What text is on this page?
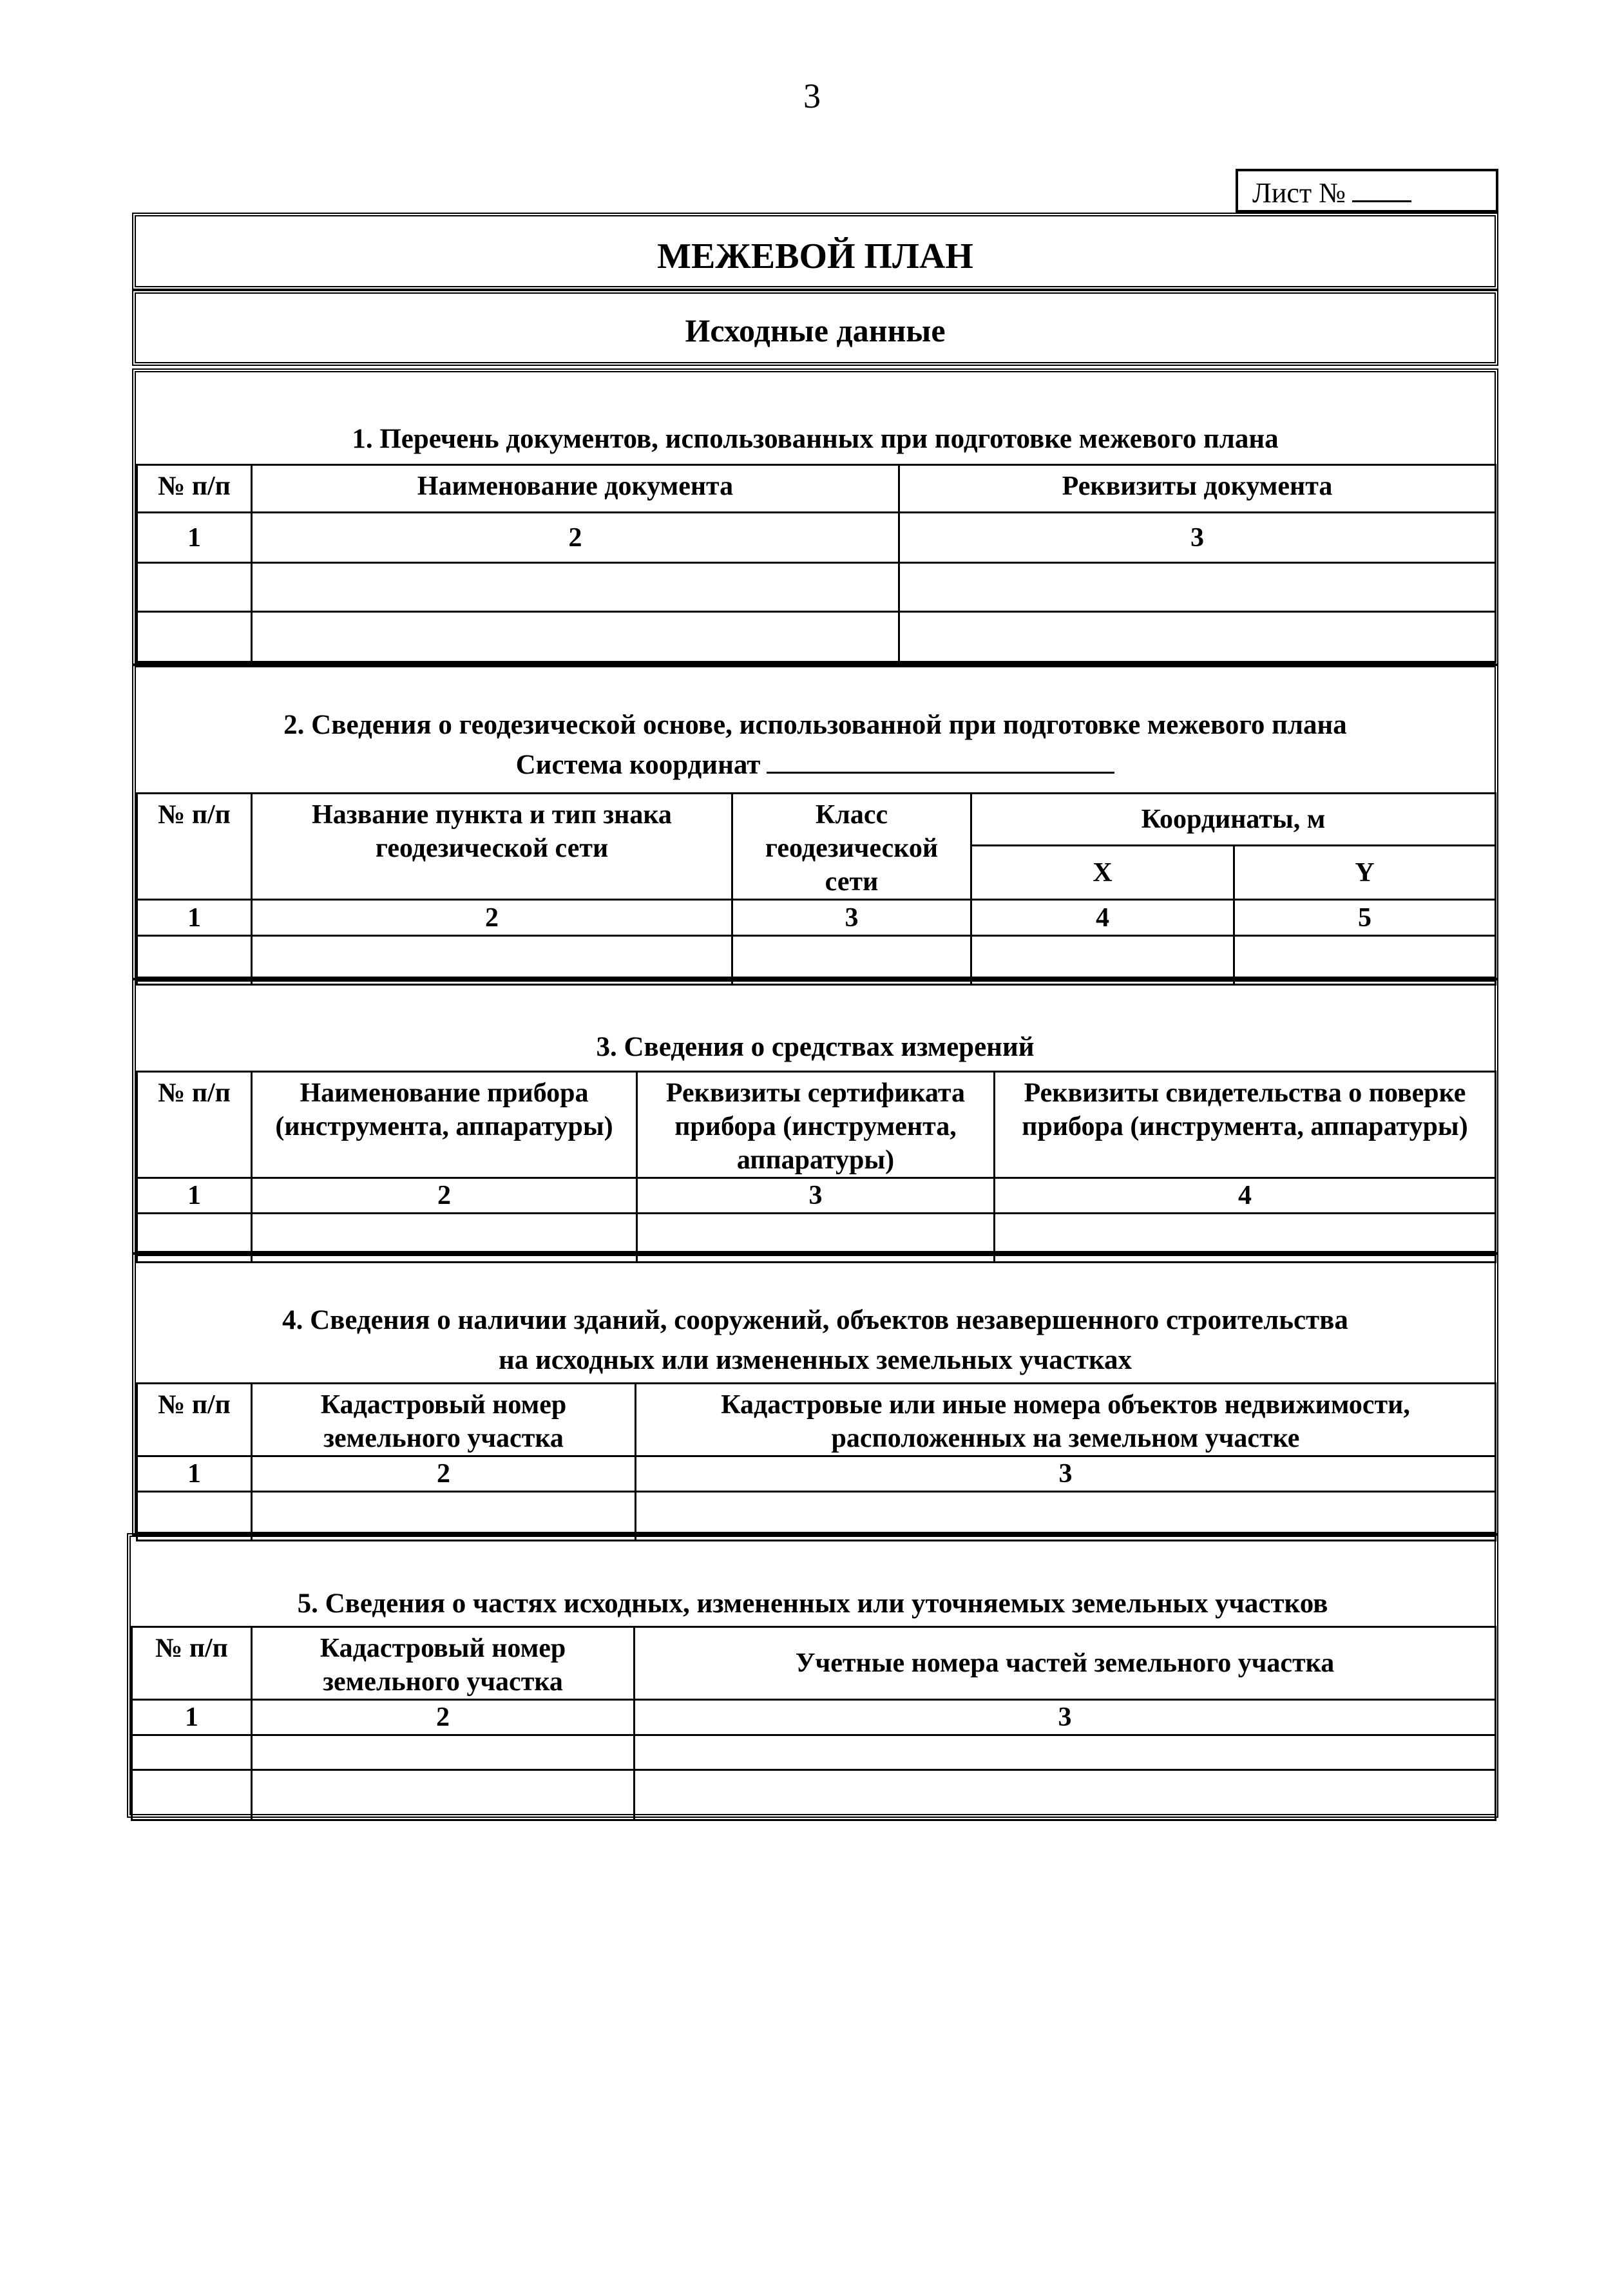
3
Лист №
МЕЖЕВОЙ ПЛАН
Исходные данные
1. Перечень документов, использованных при подготовке межевого плана
№ п/п	Наименование документа	Реквизиты документа
1	2	3

2. Сведения о геодезической основе, использованной при подготовке межевого плана
Система координат
№ п/п	Название пункта и тип знака геодезической сети	Класс геодезической сети	Координаты, м	
			X	Y
1	2	3	4	5

3. Сведения о средствах измерений
№ п/п	Наименование прибора (инструмента, аппаратуры)	Реквизиты сертификата прибора (инструмента, аппаратуры)	Реквизиты свидетельства о поверке прибора (инструмента, аппаратуры)
1	2	3	4

4. Сведения о наличии зданий, сооружений, объектов незавершенного строительства
на исходных или измененных земельных участках
№ п/п	Кадастровый номер земельного участка	Кадастровые или иные номера объектов недвижимости, расположенных на земельном участке
1	2	3

5. Сведения о частях исходных, измененных или уточняемых земельных участков
№ п/п	Кадастровый номер земельного участка	Учетные номера частей земельного участка
1	2	3
